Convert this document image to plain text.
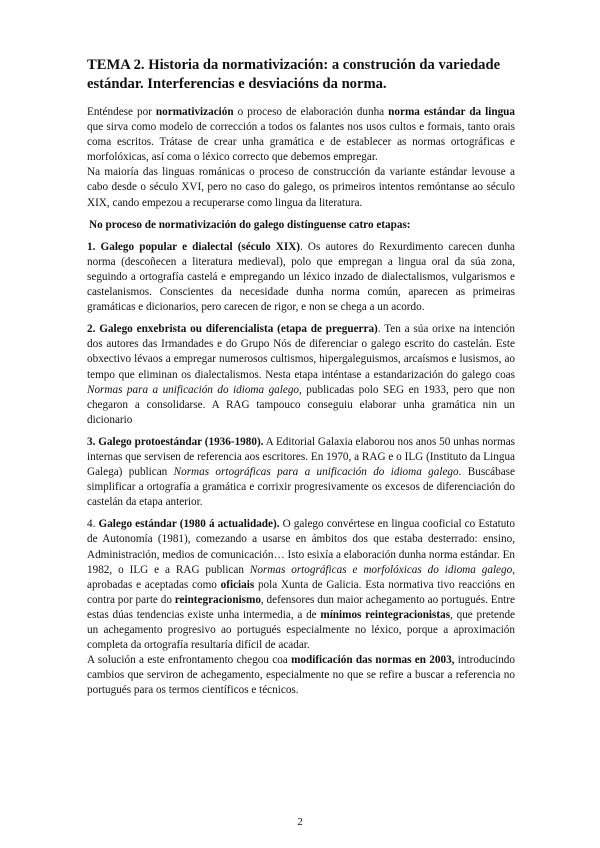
TEMA 2. Historia da normativización: a construción da variedade estándar. Interferencias e desviacións da norma.

Enténdese por normativización o proceso de elaboración dunha norma estándar da lingua que sirva como modelo de corrección a todos os falantes nos usos cultos e formais, tanto orais coma escritos. Trátase de crear unha gramática e de establecer as normas ortográficas e morfolóxicas, así coma o léxico correcto que debemos empregar.

Na maioría das linguas románicas o proceso de construcción da variante estándar levouse a cabo desde o século XVI, pero no caso do galego, os primeiros intentos remóntanse ao século XIX, cando empezou a recuperarse como lingua da literatura.

No proceso de normativización do galego distínguense catro etapas:

1. Galego popular e dialectal (século XIX). Os autores do Rexurdimento carecen dunha norma (descoñecen a literatura medieval), polo que empregan a lingua oral da súa zona, seguindo a ortografía castelá e empregando un léxico inzado de dialectalismos, vulgarismos e castelanismos. Conscientes da necesidade dunha norma común, aparecen as primeiras gramáticas e dicionarios, pero carecen de rigor, e non se chega a un acordo.

2. Galego enxebrista ou diferencialista (etapa de preguerra). Ten a súa orixe na intención dos autores das Irmandades e do Grupo Nós de diferenciar o galego escrito do castelán. Este obxectivo lévaos a empregar numerosos cultismos, hipergaleguismos, arcaísmos e lusismos, ao tempo que eliminan os dialectalismos. Nesta etapa inténtase a estandarización do galego coas Normas para a unificación do idioma galego, publicadas polo SEG en 1933, pero que non chegaron a consolidarse. A RAG tampouco conseguiu elaborar unha gramática nin un dicionario

3. Galego protoestándar (1936-1980). A Editorial Galaxia elaborou nos anos 50 unhas normas internas que servisen de referencia aos escritores. En 1970, a RAG e o ILG (Instituto da Lingua Galega) publican Normas ortográficas para a unificación do idioma galego. Buscábase simplificar a ortografía a gramática e corrixir progresivamente os excesos de diferenciación do castelán da etapa anterior.

4. Galego estándar (1980 á actualidade). O galego convértese en lingua cooficial co Estatuto de Autonomía (1981), comezando a usarse en ámbitos dos que estaba desterrado: ensino, Administración, medios de comunicación… Isto esixía a elaboración dunha norma estándar. En 1982, o ILG e a RAG publican Normas ortográficas e morfolóxicas do idioma galego, aprobadas e aceptadas como oficiais pola Xunta de Galicia. Esta normativa tivo reaccións en contra por parte do reintegracionismo, defensores dun maior achegamento ao portugués. Entre estas dúas tendencias existe unha intermedia, a de mínimos reintegracionistas, que pretende un achegamento progresivo ao portugués especialmente no léxico, porque a aproximación completa da ortografía resultaría difícil de acadar.

A solución a este enfrontamento chegou coa modificación das normas en 2003, introducindo cambios que serviron de achegamento, especialmente no que se refire a buscar a referencia no portugués para os termos científicos e técnicos.

2
